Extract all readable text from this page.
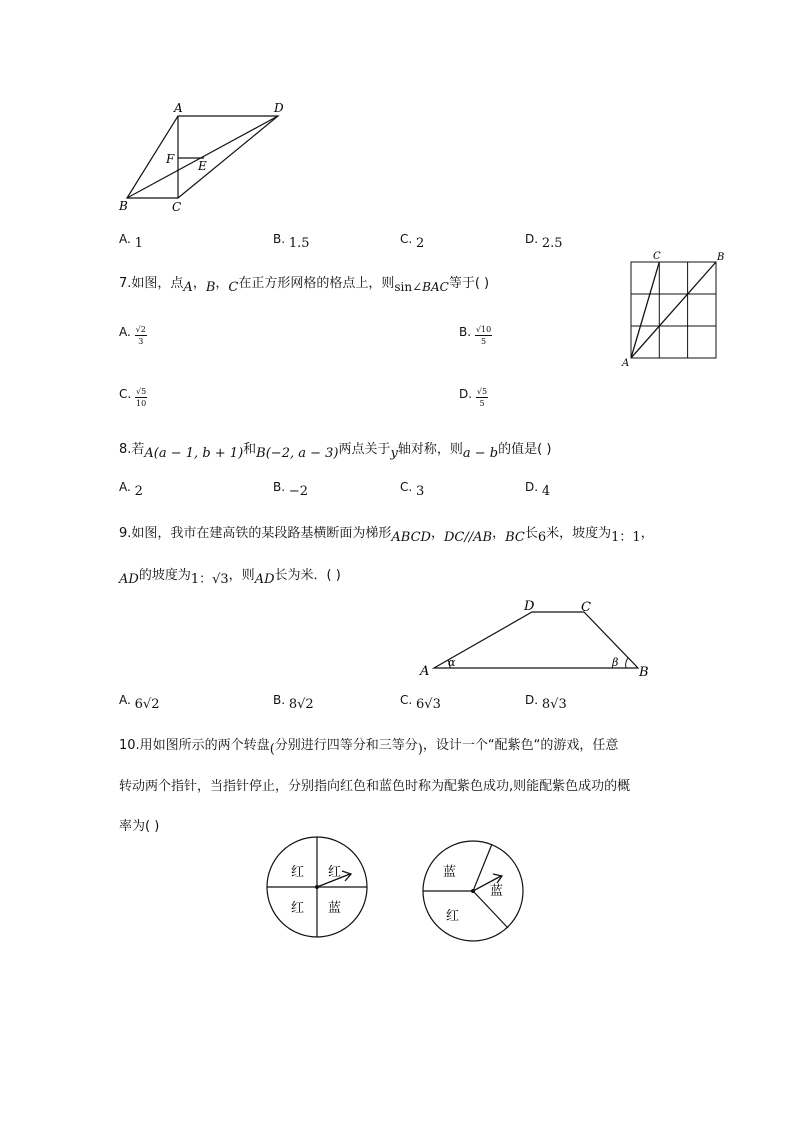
A	D
F E
B	C
A. 1	B. 1.5	C. 2	D. 2.5
7.如图，点A，B，C在正方形网格的格点上，则sin∠BAC等于( )
A. $\frac{√2}{3}$	B. $\frac{√10}{5}$
C. $\frac{√5}{10}$	D. $\frac{√5}{5}$
C	B
A
8.若A(a − 1, b + 1)和B(−2, a − 3)两点关于y轴对称，则a − b的值是( )
A. 2	B. −2	C. 3	D. 4
9.如图，我市在建高铁的某段路基横断面为梯形ABCD，DC//AB，BC长6米，坡度为1：1，
AD的坡度为1：√3，则AD长为米．( )
D	C
A	B
α	β
A. 6√2	B. 8√2	C. 6√3	D. 8√3
10.用如图所示的两个转盘(分别进行四等分和三等分)，设计一个“配紫色“的游戏，任意
转动两个指针，当指针停止，分别指向红色和蓝色时称为配紫色成功,则能配紫色成功的概
率为( )
红 红
红 蓝
蓝
蓝
红
